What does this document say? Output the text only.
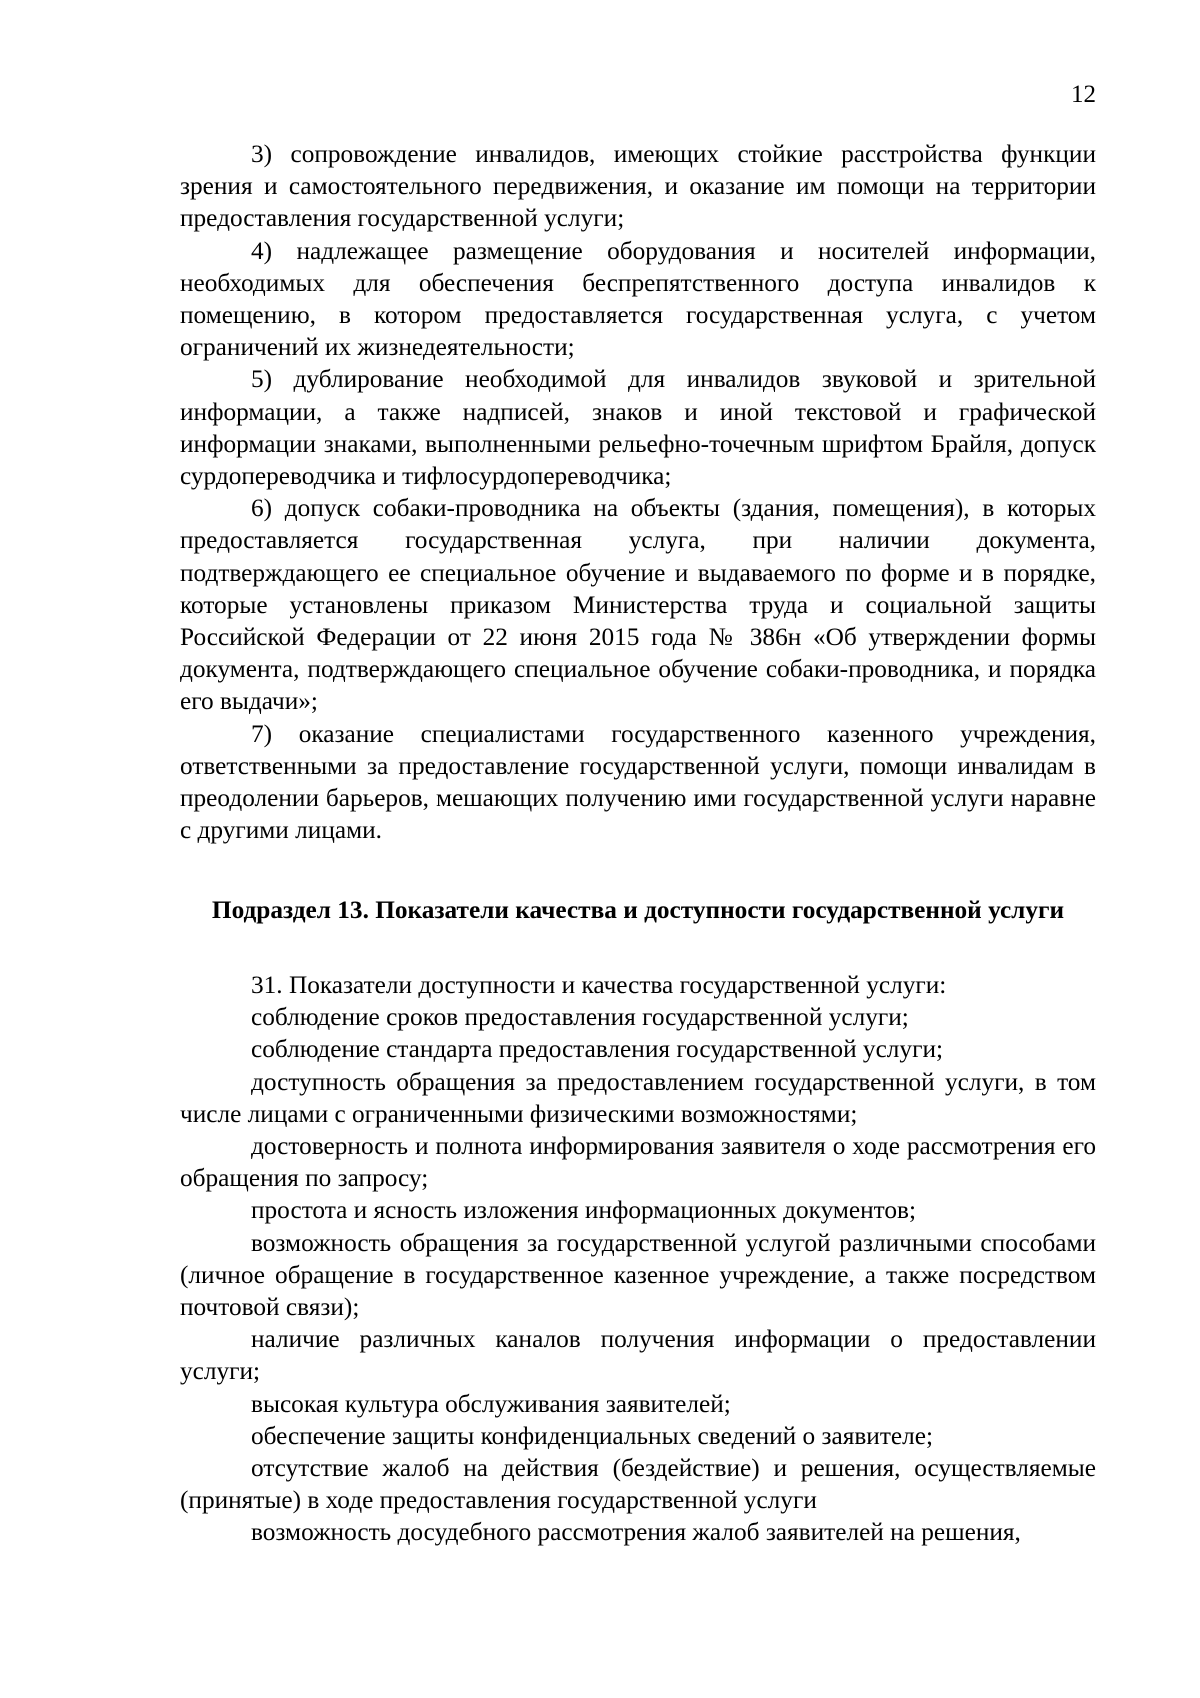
12

3) сопровождение инвалидов, имеющих стойкие расстройства функции зрения и самостоятельного передвижения, и оказание им помощи на территории предоставления государственной услуги;

4) надлежащее размещение оборудования и носителей информации, необходимых для обеспечения беспрепятственного доступа инвалидов к помещению, в котором предоставляется государственная услуга, с учетом ограничений их жизнедеятельности;

5) дублирование необходимой для инвалидов звуковой и зрительной информации, а также надписей, знаков и иной текстовой и графической информации знаками, выполненными рельефно-точечным шрифтом Брайля, допуск сурдопереводчика и тифлосурдопереводчика;

6) допуск собаки-проводника на объекты (здания, помещения), в которых предоставляется государственная услуга, при наличии документа, подтверждающего ее специальное обучение и выдаваемого по форме и в порядке, которые установлены приказом Министерства труда и социальной защиты Российской Федерации от 22 июня 2015 года № 386н «Об утверждении формы документа, подтверждающего специальное обучение собаки-проводника, и порядка его выдачи»;

7) оказание специалистами государственного казенного учреждения, ответственными за предоставление государственной услуги, помощи инвалидам в преодолении барьеров, мешающих получению ими государственной услуги наравне с другими лицами.

Подраздел 13. Показатели качества и доступности государственной услуги

31. Показатели доступности и качества государственной услуги:

соблюдение сроков предоставления государственной услуги;

соблюдение стандарта предоставления государственной услуги;

доступность обращения за предоставлением государственной услуги, в том числе лицами с ограниченными физическими возможностями;

достоверность и полнота информирования заявителя о ходе рассмотрения его обращения по запросу;

простота и ясность изложения информационных документов;

возможность обращения за государственной услугой различными способами (личное обращение в государственное казенное учреждение, а также посредством почтовой связи);

наличие различных каналов получения информации о предоставлении услуги;

высокая культура обслуживания заявителей;

обеспечение защиты конфиденциальных сведений о заявителе;

отсутствие жалоб на действия (бездействие) и решения, осуществляемые (принятые) в ходе предоставления государственной услуги

возможность досудебного рассмотрения жалоб заявителей на решения,
